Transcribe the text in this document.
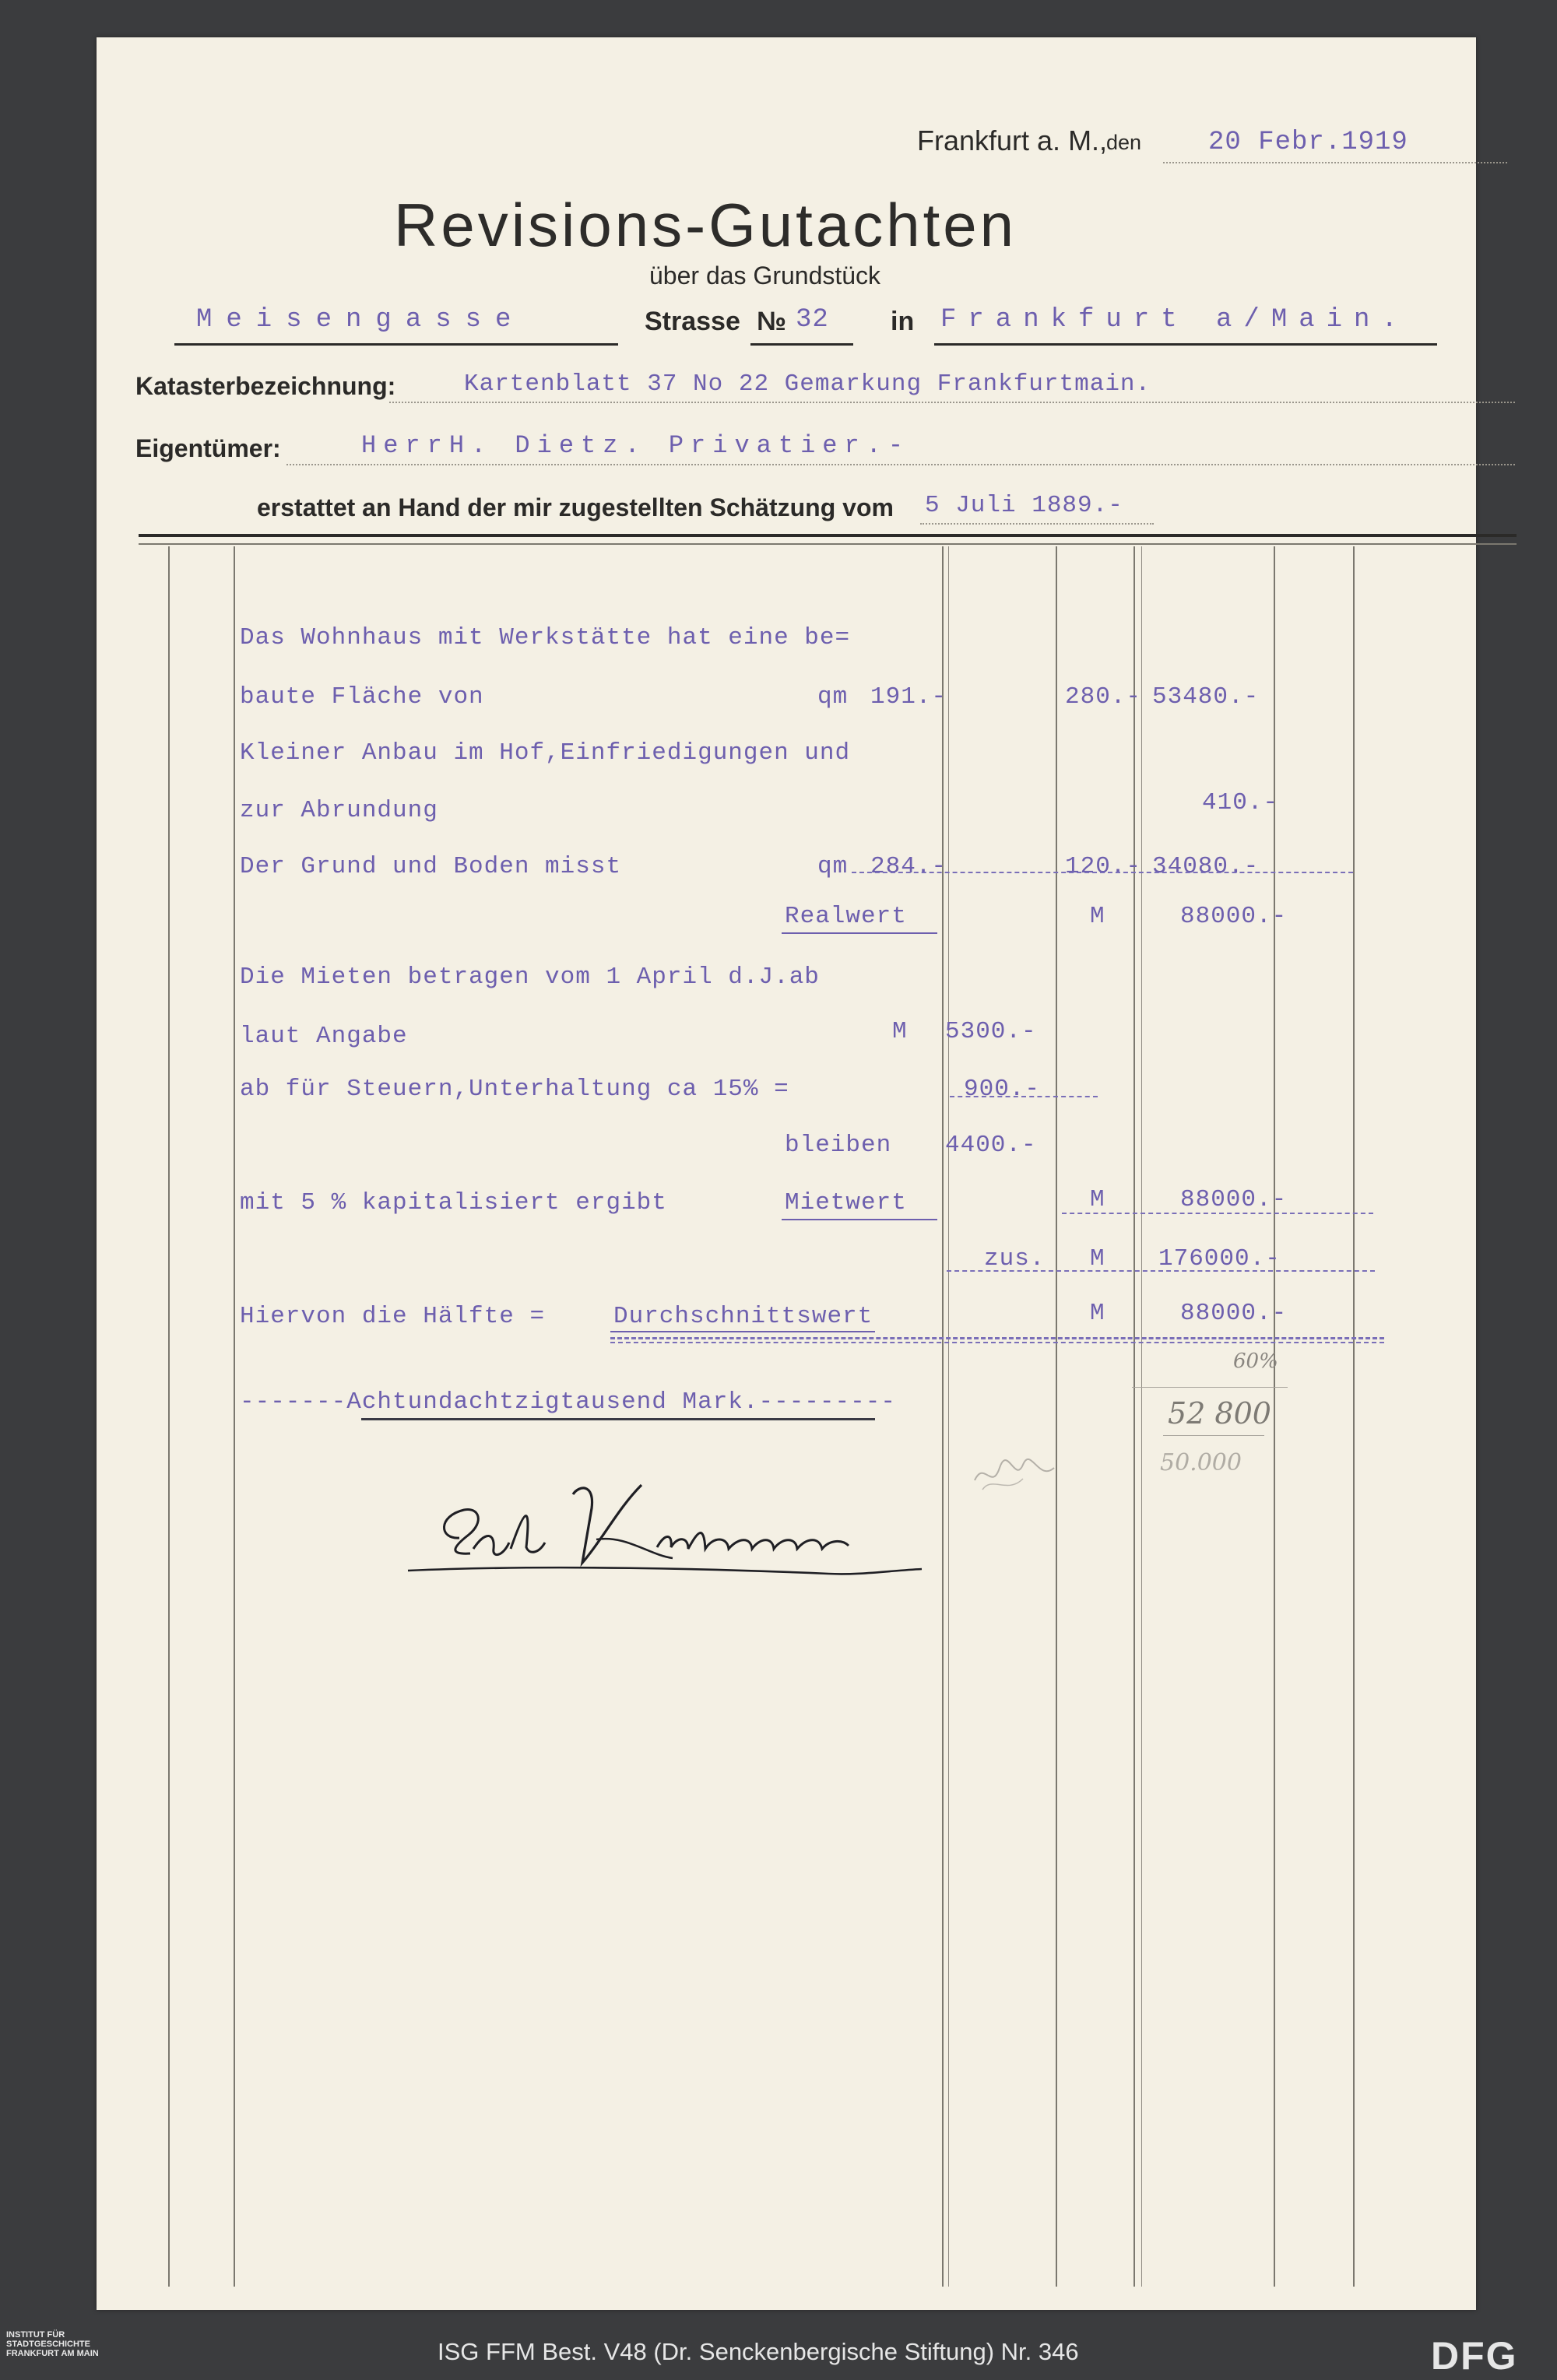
Frankfurt a. M.,
den	20 Febr.1919
Revisions-Gutachten
über das Grundstück
Meisengasse	Strasse № 32 in Frankfurt a/Main.
Katasterbezeichnung:	Kartenblatt 37 No 22 Gemarkung Frankfurtmain.
Eigentümer:	HerrH. Dietz. Privatier.-
erstattet an Hand der mir zugestellten Schätzung vom 5 Juli 1889.-
Das Wohnhaus mit Werkstätte hat eine be=
baute Fläche von	qm 191.-	280.- 53480.-
Kleiner Anbau im Hof,Einfriedigungen und
zur Abrundung	410.-
Der Grund und Boden misst	qm 284.-	120.- 34080.-
Realwert	M	88000.-
Die Mieten betragen vom 1 April d.J.ab
laut Angabe	M 5300.-
ab für Steuern,Unterhaltung ca 15% =	900.-
bleiben 4400.-
mit 5 % kapitalisiert ergibt	Mietwert	M	88000.-
zus. M 176000.-
Hiervon die Hälfte =	Durchschnittswert	M	88000.-
-------Achtundachtzigtausend Mark.---------
60%
52 800
50.000
INSTITUT FÜR STADTGESCHICHTE FRANKFURT AM MAIN	ISG FFM Best. V48 (Dr. Senckenbergische Stiftung) Nr. 346	DFG
